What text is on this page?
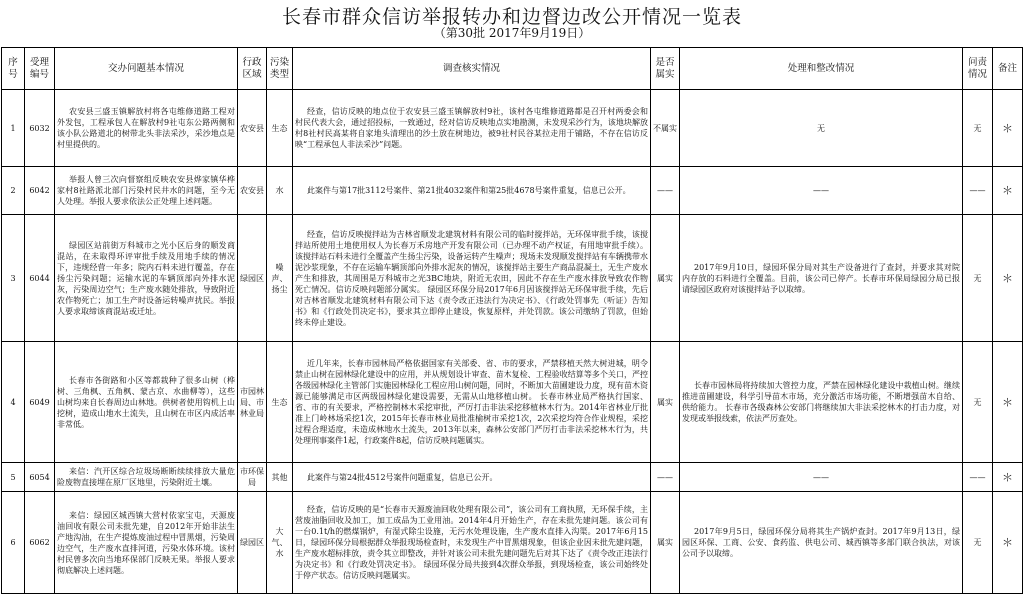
长春市群众信访举报转办和边督边改公开情况一览表
（第30批 2017年9月19日）
序号	受理编号	交办问题基本情况	行政区域	污染类型	调查核实情况	是否属实	处理和整改情况	问责情况	备注
1	6032	农安县三盛玉镇解放村将各屯维修道路工程对外发包，工程承包人在解放村9社屯东公路两侧和该小队公路道北的树带北头非法采沙，采沙地点是村里提供的。	农安县	生态	经查，信访反映的地点位于农安县三盛玉镇解放村9社，该村各屯维修道路都是召开村两委会和村民代表大会，通过招投标，一致通过，经对信访反映地点实地勘测，未发现采沙行为，该地块解放村8社村民高某将自家地头清理出的沙土放在树地边，被9社村民谷某拉走用于铺路，不存在信访反映“工程承包人非法采沙”问题。	不属实	无	无	＊
2	6042	举报人曾三次向督察组反映农安县烨家镇华桦家村8社路派北部门污染村民井水的问题，至今无人处理。举报人要求依法公正处理上述问题。	农安县	水	此案件与第17批3112号案件、第21批4032案件和第25批4678号案件重复，信息已公开。	——	——	——	＊
3	6044	绿园区站前街万科城市之光小区后身的顺发商混站，在未取得环评审批手续及用地手续的情况下，违规经营一年多；院内石料未进行覆盖，存在扬尘污染问题；运输水泥的车辆顶部向外排水泥灰，污染周边空气；生产废水随处排放，导致附近农作物死亡；加工生产时设备运转噪声扰民。举报人要求取缔该商混站或迁址。	绿园区	噪声、扬尘	经查，信访反映搅拌站为吉林省顺发北建筑材料有限公司的临时搅拌站，无环保审批手续，该搅拌站所使用土地使用权人为长春万禾房地产开发有限公司（已办理不动产权证，有用地审批手续）。该搅拌站石料未进行全覆盖产生扬尘污染，设备运转产生噪声；现场未发现顺发搅拌站有车辆携带水泥沙浆现象，不存在运输车辆顶部向外排水泥灰的情况，该搅拌站主要生产商品混凝土，无生产废水产生和排放，其周围是万科城市之光3BC地块，附近无农田，因此不存在生产废水排放导致农作物死亡情况。信访反映问题部分属实。 绿园区环保分局2017年6月因该搅拌站无环保审批手续，先后对吉林省顺发北建筑材料有限公司下达《责令改正违法行为决定书》、《行政处罚事先（听证）告知书》和《行政处罚决定书》，要求其立即停止建设，恢复原样，并处罚款。该公司缴纳了罚款，但始终未停止建设。	属实	2017年9月10日，绿园环保分局对其生产设备进行了查封，并要求其对院内存放的石料进行全覆盖。目前，该公司已停产。长春市环保局绿园分局已报请绿园区政府对该搅拌站予以取缔。	无	＊
4	6049	长春市各街路和小区等都栽种了很多山树（桦树、三角枫、五角枫、蒙古京、水曲柳等），这些山树均来自长春周边山林地。供树者使用钩机上山挖树，造成山地水土流失，且山树在市区内成活率非常低。	市园林局、市林业局	生态	近几年来，长春市园林局严格依据国家有关部委、省、市的要求，严禁移植天然大树进城，明令禁止山树在园林绿化建设中的应用，并从规划设计审查、苗木复检、工程验收结算等多个关口，严控各级园林绿化主管部门实施园林绿化工程应用山树问题，同时，不断加大苗圃建设力度，现有苗木资源已能够满足市区两级园林绿化建设需要，无需从山地移植山树。 长春市林业局严格执行国家、省、市的有关要求，严格控制林木采挖审批，严厉打击非法采挖移植林木行为。2014年省林业厅批准上门岭林场采挖1次，2015年长春市林业局批准榆树市采挖1次，2次采挖均符合作业规程，采挖过程合理适度，未造成林地水土流失，2013年以来，森林公安部门严厉打击非法采挖林木行为，共处理刑事案件1起，行政案件8起，信访反映问题属实。	属实	长春市园林局将持续加大管控力度，严禁在园林绿化建设中栽植山树。继续推进苗圃建设，科学引导苗木市场，充分激活市场功能，不断增强苗木自给、供给能力。 长春市各级森林公安部门将继续加大非法采挖林木的打击力度，对发现或举报线索，依法严厉查处。	无	＊
5	6054	来信：汽开区综合垃圾场断断续续排放大量危险废物直接埋在原厂区地里，污染附近土壤。	市环保局	其他	此案件与第24批4512号案件问题重复，信息已公开。	——	——	——	＊
6	6062	来信：绿园区城西镇大营村依家宝屯，天源废油回收有限公司未批先建，自2012年开始非法生产地沟油，在生产提炼废油过程中冒黑烟，污染周边空气，生产废水直排河道，污染水体环境。该村村民曾多次向当地环保部门反映无果。举报人要求彻底解决上述问题。	绿园区	大气、水	经查，信访反映的是“长春市天源废油回收处理有限公司”，该公司有工商执照，无环保手续，主营废油脂回收及加工，加工成品为工业用油。2014年4月开始生产，存在未批先建问题。该公司有一台0.1t/h的燃煤锅炉，有湿式除尘设施，无污水处理设施，生产废水直排入沟渠。2017年6月15日，绿园环保分局根据群众举报现场检查时，未发现生产中冒黑烟现象，但该企业因未批先建问题，生产废水超标排放，责令其立即整改，并针对该公司未批先建问题先后对其下达了《责令改正违法行为决定书》和《行政处罚决定书》。 绿园环保分局共接到4次群众举报，到现场检查，该公司始终处于停产状态。信访反映问题属实。	属实	2017年9月5日，绿园环保分局将其生产锅炉查封。2017年9月13日，绿园区环保、工商、公安、食药监、供电公司、城西镇等多部门联合执法，对该公司予以取缔。	无	＊
